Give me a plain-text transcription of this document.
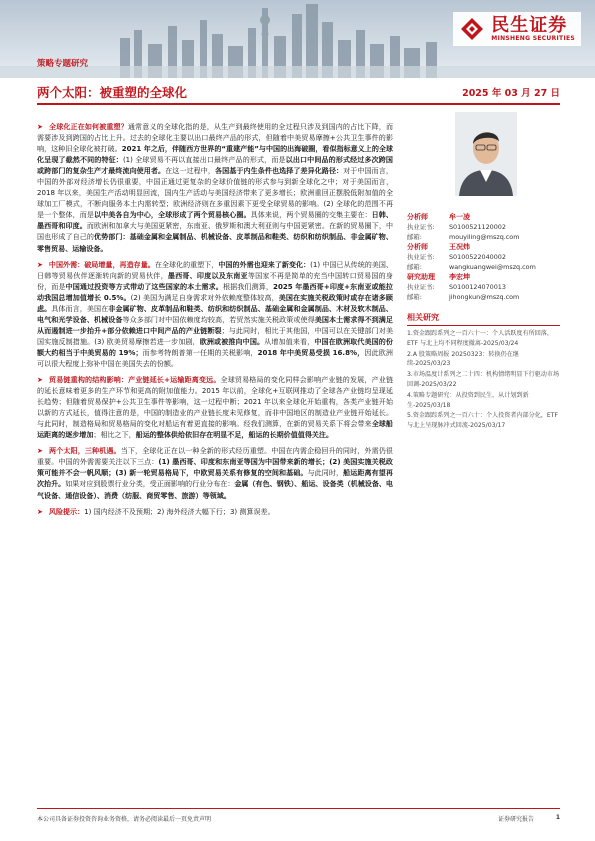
民生证券
MINSHENG SECURITIES
策略专题研究
两个太阳：被重塑的全球化	2025 年 03 月 27 日

➤ 全球化正在如何被重塑？通常意义的全球化指的是，从生产到最终使用的全过程只涉及到国内的占比下降，而需要涉及到跨国的占比上升。过去的全球化主要以出口最终产品的形式，但随着中美贸易摩擦+公共卫生事件的影响，这种旧全球化被打破。2021 年之后，伴随西方世界的“重建产能”与中国的出海破圈，看似指标意义上的全球化呈现了截然不同的特征：(1) 全球贸易不再以直接出口最终产品的形式，而是以出口中间品的形式经过多次跨国或跨部门的复杂生产才最终流向使用者。在这一过程中，各国基于内生条件也选择了差异化路径：对于中国而言，中国的外部对经济增长仍很重要，中国正通过更复杂的全球价值链的形式参与到新全球化之中；对于美国而言，2018 年以来，美国生产活动明显回流，国内生产活动与美国经济带来了更多增长；欧洲重回正摆脱低附加值的全球加工厂模式，不断向服务本土内需转型；欧洲经济则在多重因素下更受全球贸易的影响。(2) 全球化的范围不再是一个整体，而是以中美各自为中心，全球形成了两个贸易核心圈。具体来说，两个贸易圈的交集主要在：日韩、墨西哥和印度。而欧洲和加拿大与美国更紧密，东南亚、俄罗斯和澳大利亚则与中国更紧密。在新的贸易圈下，中国也形成了自己的优势部门：基础金属和金属制品、机械设备、皮革制品和鞋类、纺织和纺织制品、非金属矿物、零售贸易、运输设备。

➤ 中国外需：破局增量，再造存量。在全球化的重塑下，中国的外需也迎来了新变化：(1) 中国已从传统的美国、日韩等贸易伙伴逐渐转向新的贸易伙伴，墨西哥、印度以及东南亚等国家不再是简单的充当中国转口贸易国的身份，而是中国通过投资等方式带动了这些国家的本土需求。根据我们测算，2025 年墨西哥+印度+东南亚或能拉动我国总增加值增长 0.5%。(2) 美国为满足自身需求对外依赖度整体较高，美国在实施关税政策时或存在诸多顾虑。具体而言，美国在非金属矿物、皮革制品和鞋类、纺织和纺织制品、基础金属和金属制品、木材及软木制品、电气和光学设备、机械设备等众多部门对中国依赖度均较高，若贸然实施关税政策或使得美国本土需求得不到满足从而遏制进一步抬升+部分依赖进口中间产品的产业链断裂；与此同时，相比于其他国，中国可以在关键部门对美国实施反制措施。(3) 欧美贸易摩擦若进一步加剧，欧洲或被推向中国。从增加值来看，中国在欧洲取代美国的份额大约相当于中美贸易的 19%；而参考特朗普第一任期的关税影响，2018 年中美贸易受损 16.8%，因此欧洲可以很大程度上弥补中国在美国失去的份额。

➤ 贸易链重构的结构影响：产业链延长+运输距离变远。全球贸易格局的变化同样会影响产业链的发展，产业链的延长意味着更多的生产环节和更高的附加值能力。2015 年以前，全球化+互联网推动了全球各产业链均呈现延长趋势；但随着贸易保护+公共卫生事件等影响，这一过程中断；2021 年以来全球化开始重构，各类产业链开始以新的方式延长，值得注意的是，中国的制造业的产业链长度未见修复，而非中国地区的制造业产业链开始延长。与此同时，制造格局和贸易格局的变化对船运有着更直接的影响。经我们测算，在新的贸易关系下将会带来全球船运距离的逐步增加；相比之下，船运的整体供给依旧存在明显不足，船运的长期价值值得关注。

➤ 两个太阳，三种机遇。当下，全球化正在以一种全新的形式经历重塑。中国在内需企稳回升的同时，外需仍很重要。中国的外需需要关注以下三点：(1) 墨西哥、印度和东南亚等国为中国带来新的增长；(2) 美国实施关税政策可能并不会一帆风顺；(3) 新一轮贸易格局下，中欧贸易关系有修复的空间和基础。与此同时，船运距离有望再次抬升。如果对应到股票行业分类，受正面影响的行业分布在：金属（有色、钢铁）、船运、设备类（机械设备、电气设备、通信设备）、消费（纺服、商贸零售、旅游）等领域。

➤ 风险提示：1) 国内经济不及预期；2) 海外经济大幅下行；3) 测算误差。

分析师	牟一凌
执业证书:	S0100521120002
邮箱:	mouyiling@mszq.com
分析师	王况炜
执业证书:	S0100522040002
邮箱:	wangkuangwei@mszq.com
研究助理	李宏坤
执业证书:	S0100124070013
邮箱:	jihongkun@mszq.com
相关研究
1.资金跟踪系列之一百六十一：个人活跃度有所回落，ETF 与北上均不同程度撤离-2025/03/24
2.A 股策略周报 20250323：转换仍在继续-2025/03/23
3.市场温度计系列之二十四：机构情绪明显下行驱动市场回调-2025/03/22
4.策略专题研究：从投资到民生，从计划到新生-2025/03/18
5.资金跟踪系列之一百六十：个人投资者内部分化，ETF 与北上呈现脉冲式回流-2025/03/17
本公司具备证券投资咨询业务资格，请务必阅读最后一页免责声明	证券研究报告	1
